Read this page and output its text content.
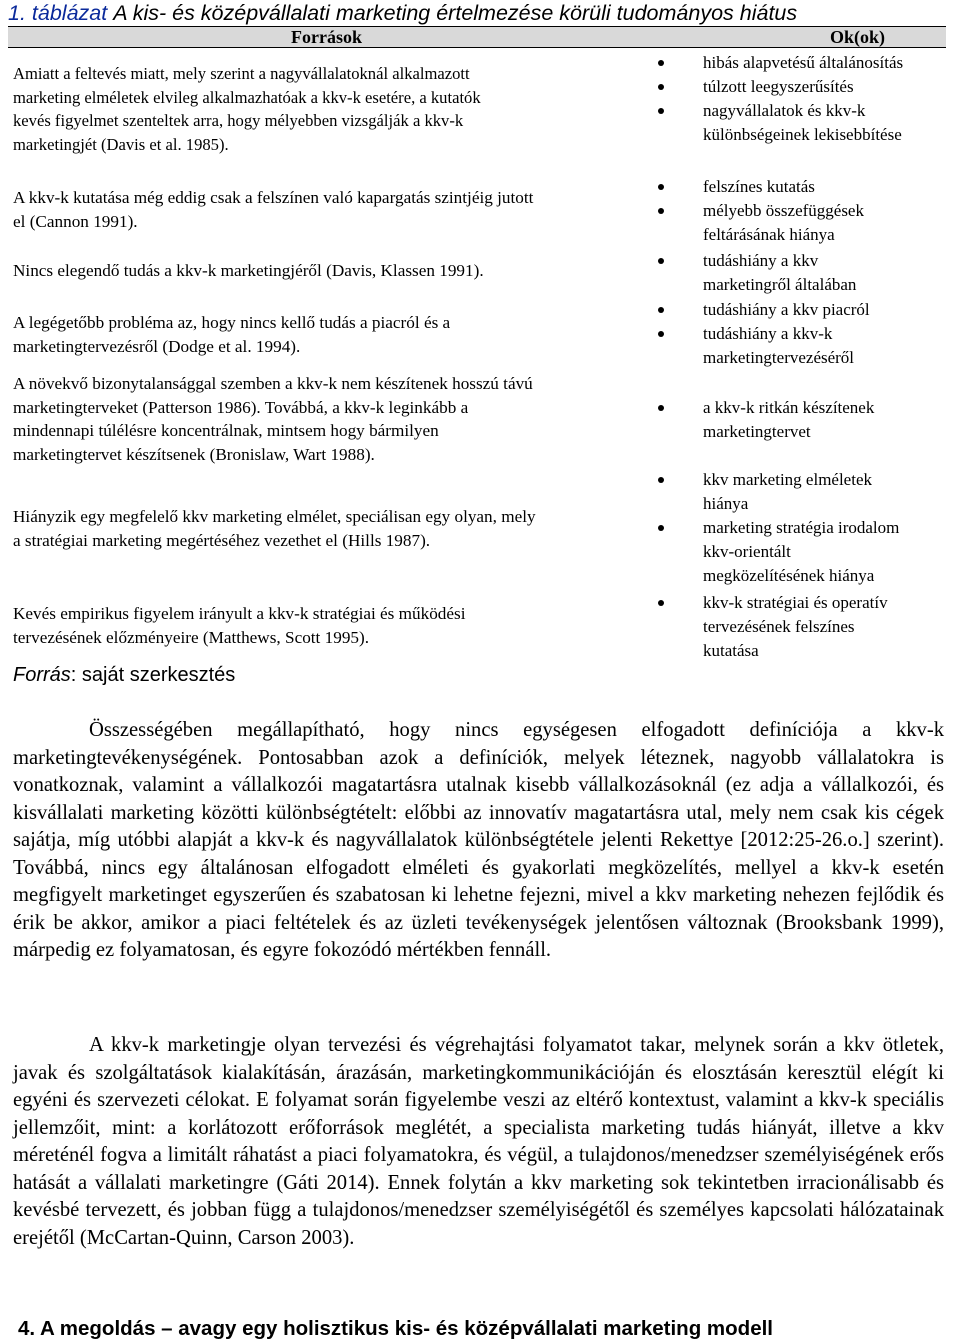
1. táblázat A kis- és középvállalati marketing értelmezése körüli tudományos hiátus
Források	Ok(ok)
Amiatt a feltevés miatt, mely szerint a nagyvállalatoknál alkalmazott
marketing elméletek elvileg alkalmazhatóak a kkv-k esetére, a kutatók
kevés figyelmet szenteltek arra, hogy mélyebben vizsgálják a kkv-k
marketingjét (Davis et al. 1985).
hibás alapvetésű általánosítás
túlzott leegyszerűsítés
nagyvállalatok és kkv-k
különbségeinek lekisebbítése
A kkv-k kutatása még eddig csak a felszínen való kapargatás szintjéig jutott
el (Cannon 1991).
felszínes kutatás
mélyebb összefüggések
feltárásának hiánya
Nincs elegendő tudás a kkv-k marketingjéről (Davis, Klassen 1991).
tudáshiány a kkv
marketingről általában
A legégetőbb probléma az, hogy nincs kellő tudás a piacról és a
marketingtervezésről (Dodge et al. 1994).
tudáshiány a kkv piacról
tudáshiány a kkv-k
marketingtervezéséről
A növekvő bizonytalansággal szemben a kkv-k nem készítenek hosszú távú
marketingterveket (Patterson 1986). Továbbá, a kkv-k leginkább a
mindennapi túlélésre koncentrálnak, mintsem hogy bármilyen
marketingtervet készítsenek (Bronislaw, Wart 1988).
a kkv-k ritkán készítenek
marketingtervet
Hiányzik egy megfelelő kkv marketing elmélet, speciálisan egy olyan, mely
a stratégiai marketing megértéséhez vezethet el (Hills 1987).
kkv marketing elméletek
hiánya
marketing stratégia irodalom
kkv-orientált
megközelítésének hiánya
Kevés empirikus figyelem irányult a kkv-k stratégiai és működési
tervezésének előzményeire (Matthews, Scott 1995).
kkv-k stratégiai és operatív
tervezésének felszínes
kutatása
Forrás: saját szerkesztés
Összességében megállapítható, hogy nincs egységesen elfogadott definíciója a kkv-k marketingtevékenységének. Pontosabban azok a definíciók, melyek léteznek, nagyobb vállalatokra is vonatkoznak, valamint a vállalkozói magatartásra utalnak kisebb vállalkozásoknál (ez adja a vállalkozói, és kisvállalati marketing közötti különbségtételt: előbbi az innovatív magatartásra utal, mely nem csak kis cégek sajátja, míg utóbbi alapját a kkv-k és nagyvállalatok különbségtétele jelenti Rekettye [2012:25-26.o.] szerint). Továbbá, nincs egy általánosan elfogadott elméleti és gyakorlati megközelítés, mellyel a kkv-k esetén megfigyelt marketinget egyszerűen és szabatosan ki lehetne fejezni, mivel a kkv marketing nehezen fejlődik és érik be akkor, amikor a piaci feltételek és az üzleti tevékenységek jelentősen változnak (Brooksbank 1999), márpedig ez folyamatosan, és egyre fokozódó mértékben fennáll.
A kkv-k marketingje olyan tervezési és végrehajtási folyamatot takar, melynek során a kkv ötletek, javak és szolgáltatások kialakításán, árazásán, marketingkommunikációján és elosztásán keresztül elégít ki egyéni és szervezeti célokat. E folyamat során figyelembe veszi az eltérő kontextust, valamint a kkv-k speciális jellemzőit, mint: a korlátozott erőforrások meglétét, a specialista marketing tudás hiányát, illetve a kkv méreténél fogva a limitált ráhatást a piaci folyamatokra, és végül, a tulajdonos/menedzser személyiségének erős hatását a vállalati marketingre (Gáti 2014). Ennek folytán a kkv marketing sok tekintetben irracionálisabb és kevésbé tervezett, és jobban függ a tulajdonos/menedzser személyiségétől és személyes kapcsolati hálózatainak erejétől (McCartan-Quinn, Carson 2003).
4. A megoldás – avagy egy holisztikus kis- és középvállalati marketing modell
